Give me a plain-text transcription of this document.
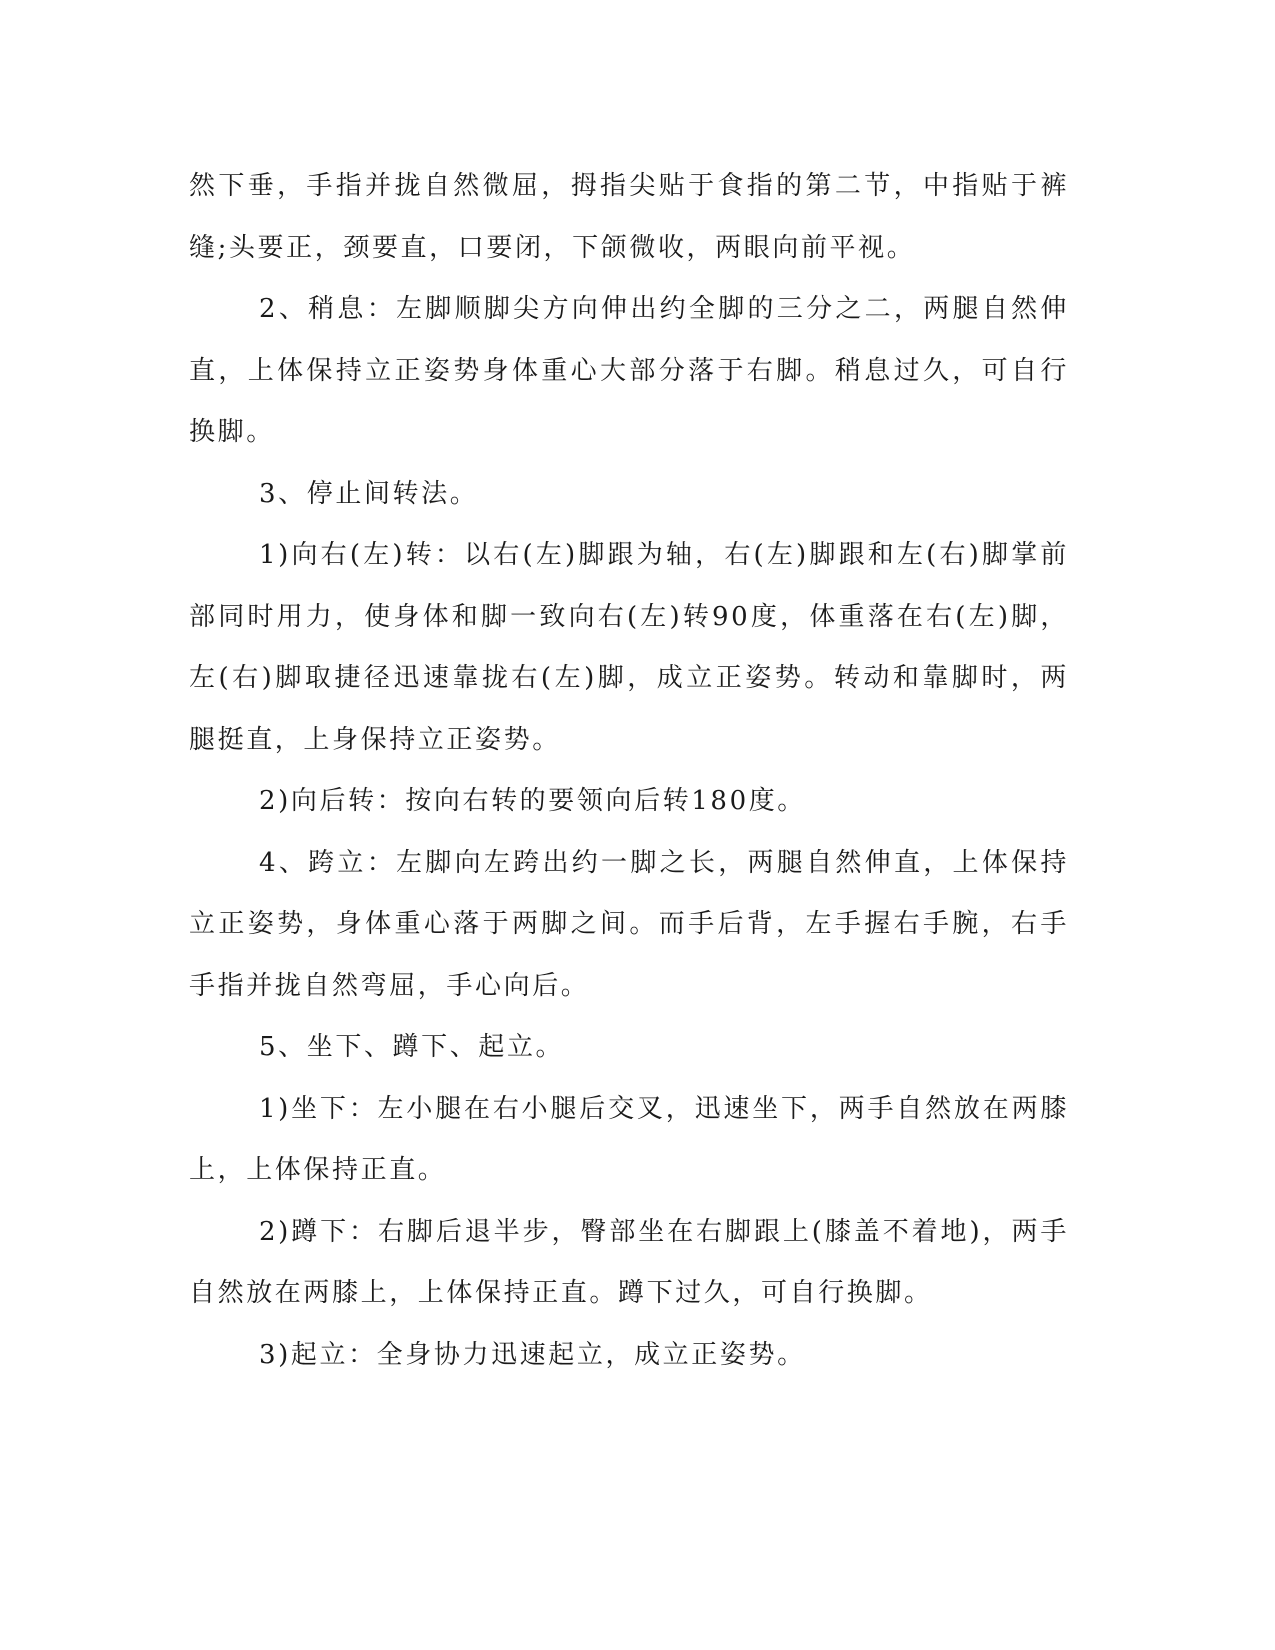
然下垂，手指并拢自然微屈，拇指尖贴于食指的第二节，中指贴于裤缝;头要正，颈要直，口要闭，下颌微收，两眼向前平视。

2、稍息：左脚顺脚尖方向伸出约全脚的三分之二，两腿自然伸直，上体保持立正姿势身体重心大部分落于右脚。稍息过久，可自行换脚。

3、停止间转法。

1)向右(左)转：以右(左)脚跟为轴，右(左)脚跟和左(右)脚掌前部同时用力，使身体和脚一致向右(左)转90度，体重落在右(左)脚，左(右)脚取捷径迅速靠拢右(左)脚，成立正姿势。转动和靠脚时，两腿挺直，上身保持立正姿势。

2)向后转：按向右转的要领向后转180度。

4、跨立：左脚向左跨出约一脚之长，两腿自然伸直，上体保持立正姿势，身体重心落于两脚之间。而手后背，左手握右手腕，右手手指并拢自然弯屈，手心向后。

5、坐下、蹲下、起立。

1)坐下：左小腿在右小腿后交叉，迅速坐下，两手自然放在两膝上，上体保持正直。

2)蹲下：右脚后退半步，臀部坐在右脚跟上(膝盖不着地)，两手自然放在两膝上，上体保持正直。蹲下过久，可自行换脚。

3)起立：全身协力迅速起立，成立正姿势。
